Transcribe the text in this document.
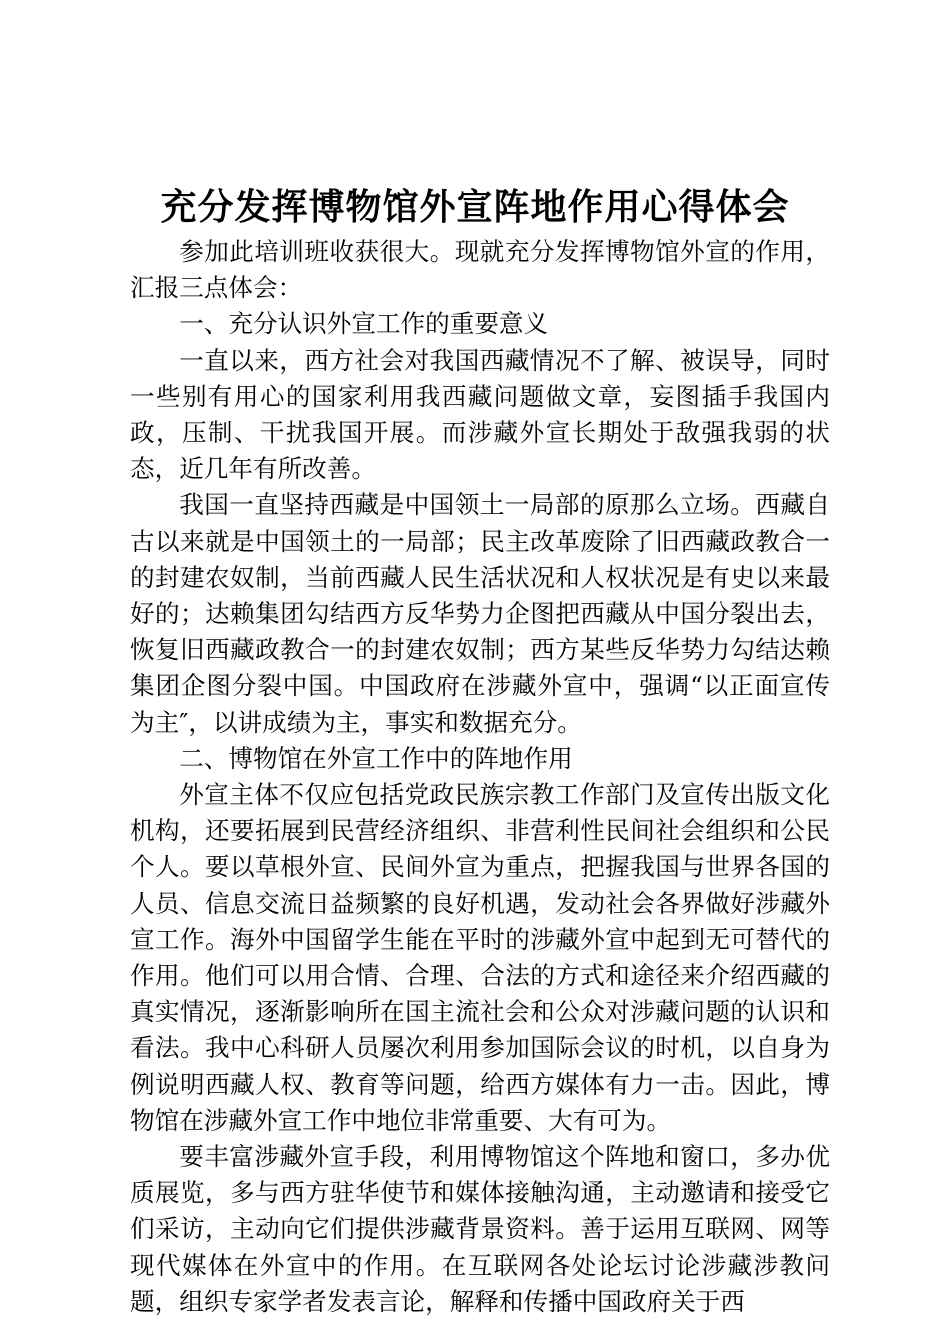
充分发挥博物馆外宣阵地作用心得体会

参加此培训班收获很大。现就充分发挥博物馆外宣的作用，汇报三点体会：

一、充分认识外宣工作的重要意义

一直以来，西方社会对我国西藏情况不了解、被误导，同时一些别有用心的国家利用我西藏问题做文章，妄图插手我国内政，压制、干扰我国开展。而涉藏外宣长期处于敌强我弱的状态，近几年有所改善。

我国一直坚持西藏是中国领土一局部的原那么立场。西藏自古以来就是中国领土的一局部；民主改革废除了旧西藏政教合一的封建农奴制，当前西藏人民生活状况和人权状况是有史以来最好的；达赖集团勾结西方反华势力企图把西藏从中国分裂出去，恢复旧西藏政教合一的封建农奴制；西方某些反华势力勾结达赖集团企图分裂中国。中国政府在涉藏外宣中，强调“以正面宣传为主″，以讲成绩为主，事实和数据充分。

二、博物馆在外宣工作中的阵地作用

外宣主体不仅应包括党政民族宗教工作部门及宣传出版文化机构，还要拓展到民营经济组织、非营利性民间社会组织和公民个人。要以草根外宣、民间外宣为重点，把握我国与世界各国的人员、信息交流日益频繁的良好机遇，发动社会各界做好涉藏外宣工作。海外中国留学生能在平时的涉藏外宣中起到无可替代的作用。他们可以用合情、合理、合法的方式和途径来介绍西藏的真实情况，逐渐影响所在国主流社会和公众对涉藏问题的认识和看法。我中心科研人员屡次利用参加国际会议的时机，以自身为例说明西藏人权、教育等问题，给西方媒体有力一击。因此，博物馆在涉藏外宣工作中地位非常重要、大有可为。

要丰富涉藏外宣手段，利用博物馆这个阵地和窗口，多办优质展览，多与西方驻华使节和媒体接触沟通，主动邀请和接受它们采访，主动向它们提供涉藏背景资料。善于运用互联网、网等现代媒体在外宣中的作用。在互联网各处论坛讨论涉藏涉教问题，组织专家学者发表言论，解释和传播中国政府关于西
